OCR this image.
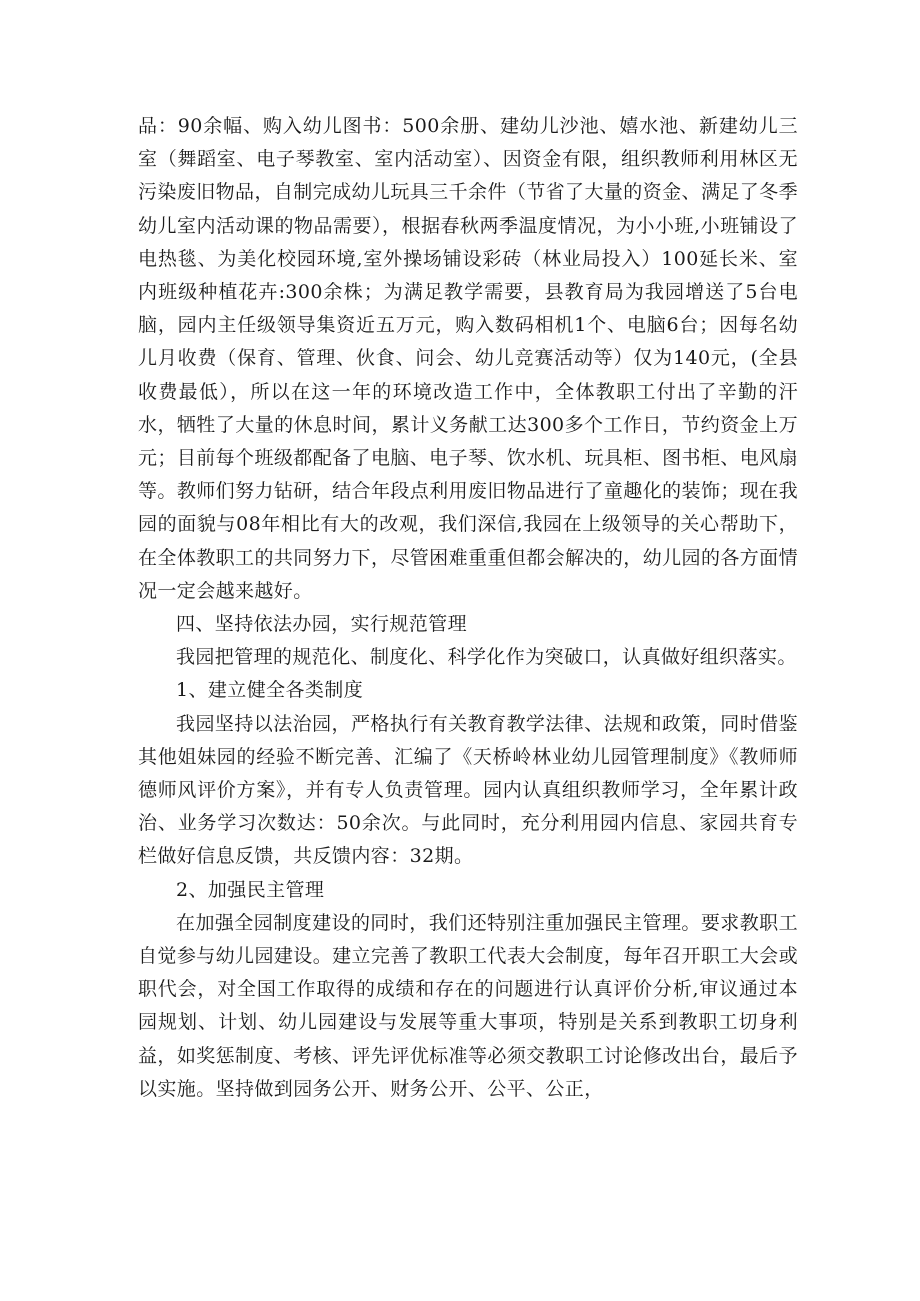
品：90余幅、购入幼儿图书：500余册、建幼儿沙池、嬉水池、新建幼儿三室（舞蹈室、电子琴教室、室内活动室）、因资金有限，组织教师利用林区无污染废旧物品，自制完成幼儿玩具三千余件（节省了大量的资金、满足了冬季幼儿室内活动课的物品需要），根据春秋两季温度情况，为小小班,小班铺设了电热毯、为美化校园环境,室外操场铺设彩砖（林业局投入）100延长米、室内班级种植花卉:300余株；为满足教学需要，县教育局为我园增送了5台电脑，园内主任级领导集资近五万元，购入数码相机1个、电脑6台；因每名幼儿月收费（保育、管理、伙食、问会、幼儿竞赛活动等）仅为140元，(全县收费最低），所以在这一年的环境改造工作中，全体教职工付出了辛勤的汗水，牺牲了大量的休息时间，累计义务献工达300多个工作日，节约资金上万元；目前每个班级都配备了电脑、电子琴、饮水机、玩具柜、图书柜、电风扇等。教师们努力钻研，结合年段点利用废旧物品进行了童趣化的装饰；现在我园的面貌与08年相比有大的改观，我们深信,我园在上级领导的关心帮助下，在全体教职工的共同努力下，尽管困难重重但都会解决的，幼儿园的各方面情况一定会越来越好。

四、坚持依法办园，实行规范管理

我园把管理的规范化、制度化、科学化作为突破口，认真做好组织落实。

1、建立健全各类制度

我园坚持以法治园，严格执行有关教育教学法律、法规和政策，同时借鉴其他姐妹园的经验不断完善、汇编了《天桥岭林业幼儿园管理制度》《教师师德师风评价方案》，并有专人负责管理。园内认真组织教师学习，全年累计政治、业务学习次数达：50余次。与此同时，充分利用园内信息、家园共育专栏做好信息反馈，共反馈内容：32期。

2、加强民主管理

在加强全园制度建设的同时，我们还特别注重加强民主管理。要求教职工自觉参与幼儿园建设。建立完善了教职工代表大会制度，每年召开职工大会或职代会，对全国工作取得的成绩和存在的问题进行认真评价分析,审议通过本园规划、计划、幼儿园建设与发展等重大事项，特别是关系到教职工切身利益，如奖惩制度、考核、评先评优标准等必须交教职工讨论修改出台，最后予以实施。坚持做到园务公开、财务公开、公平、公正，
